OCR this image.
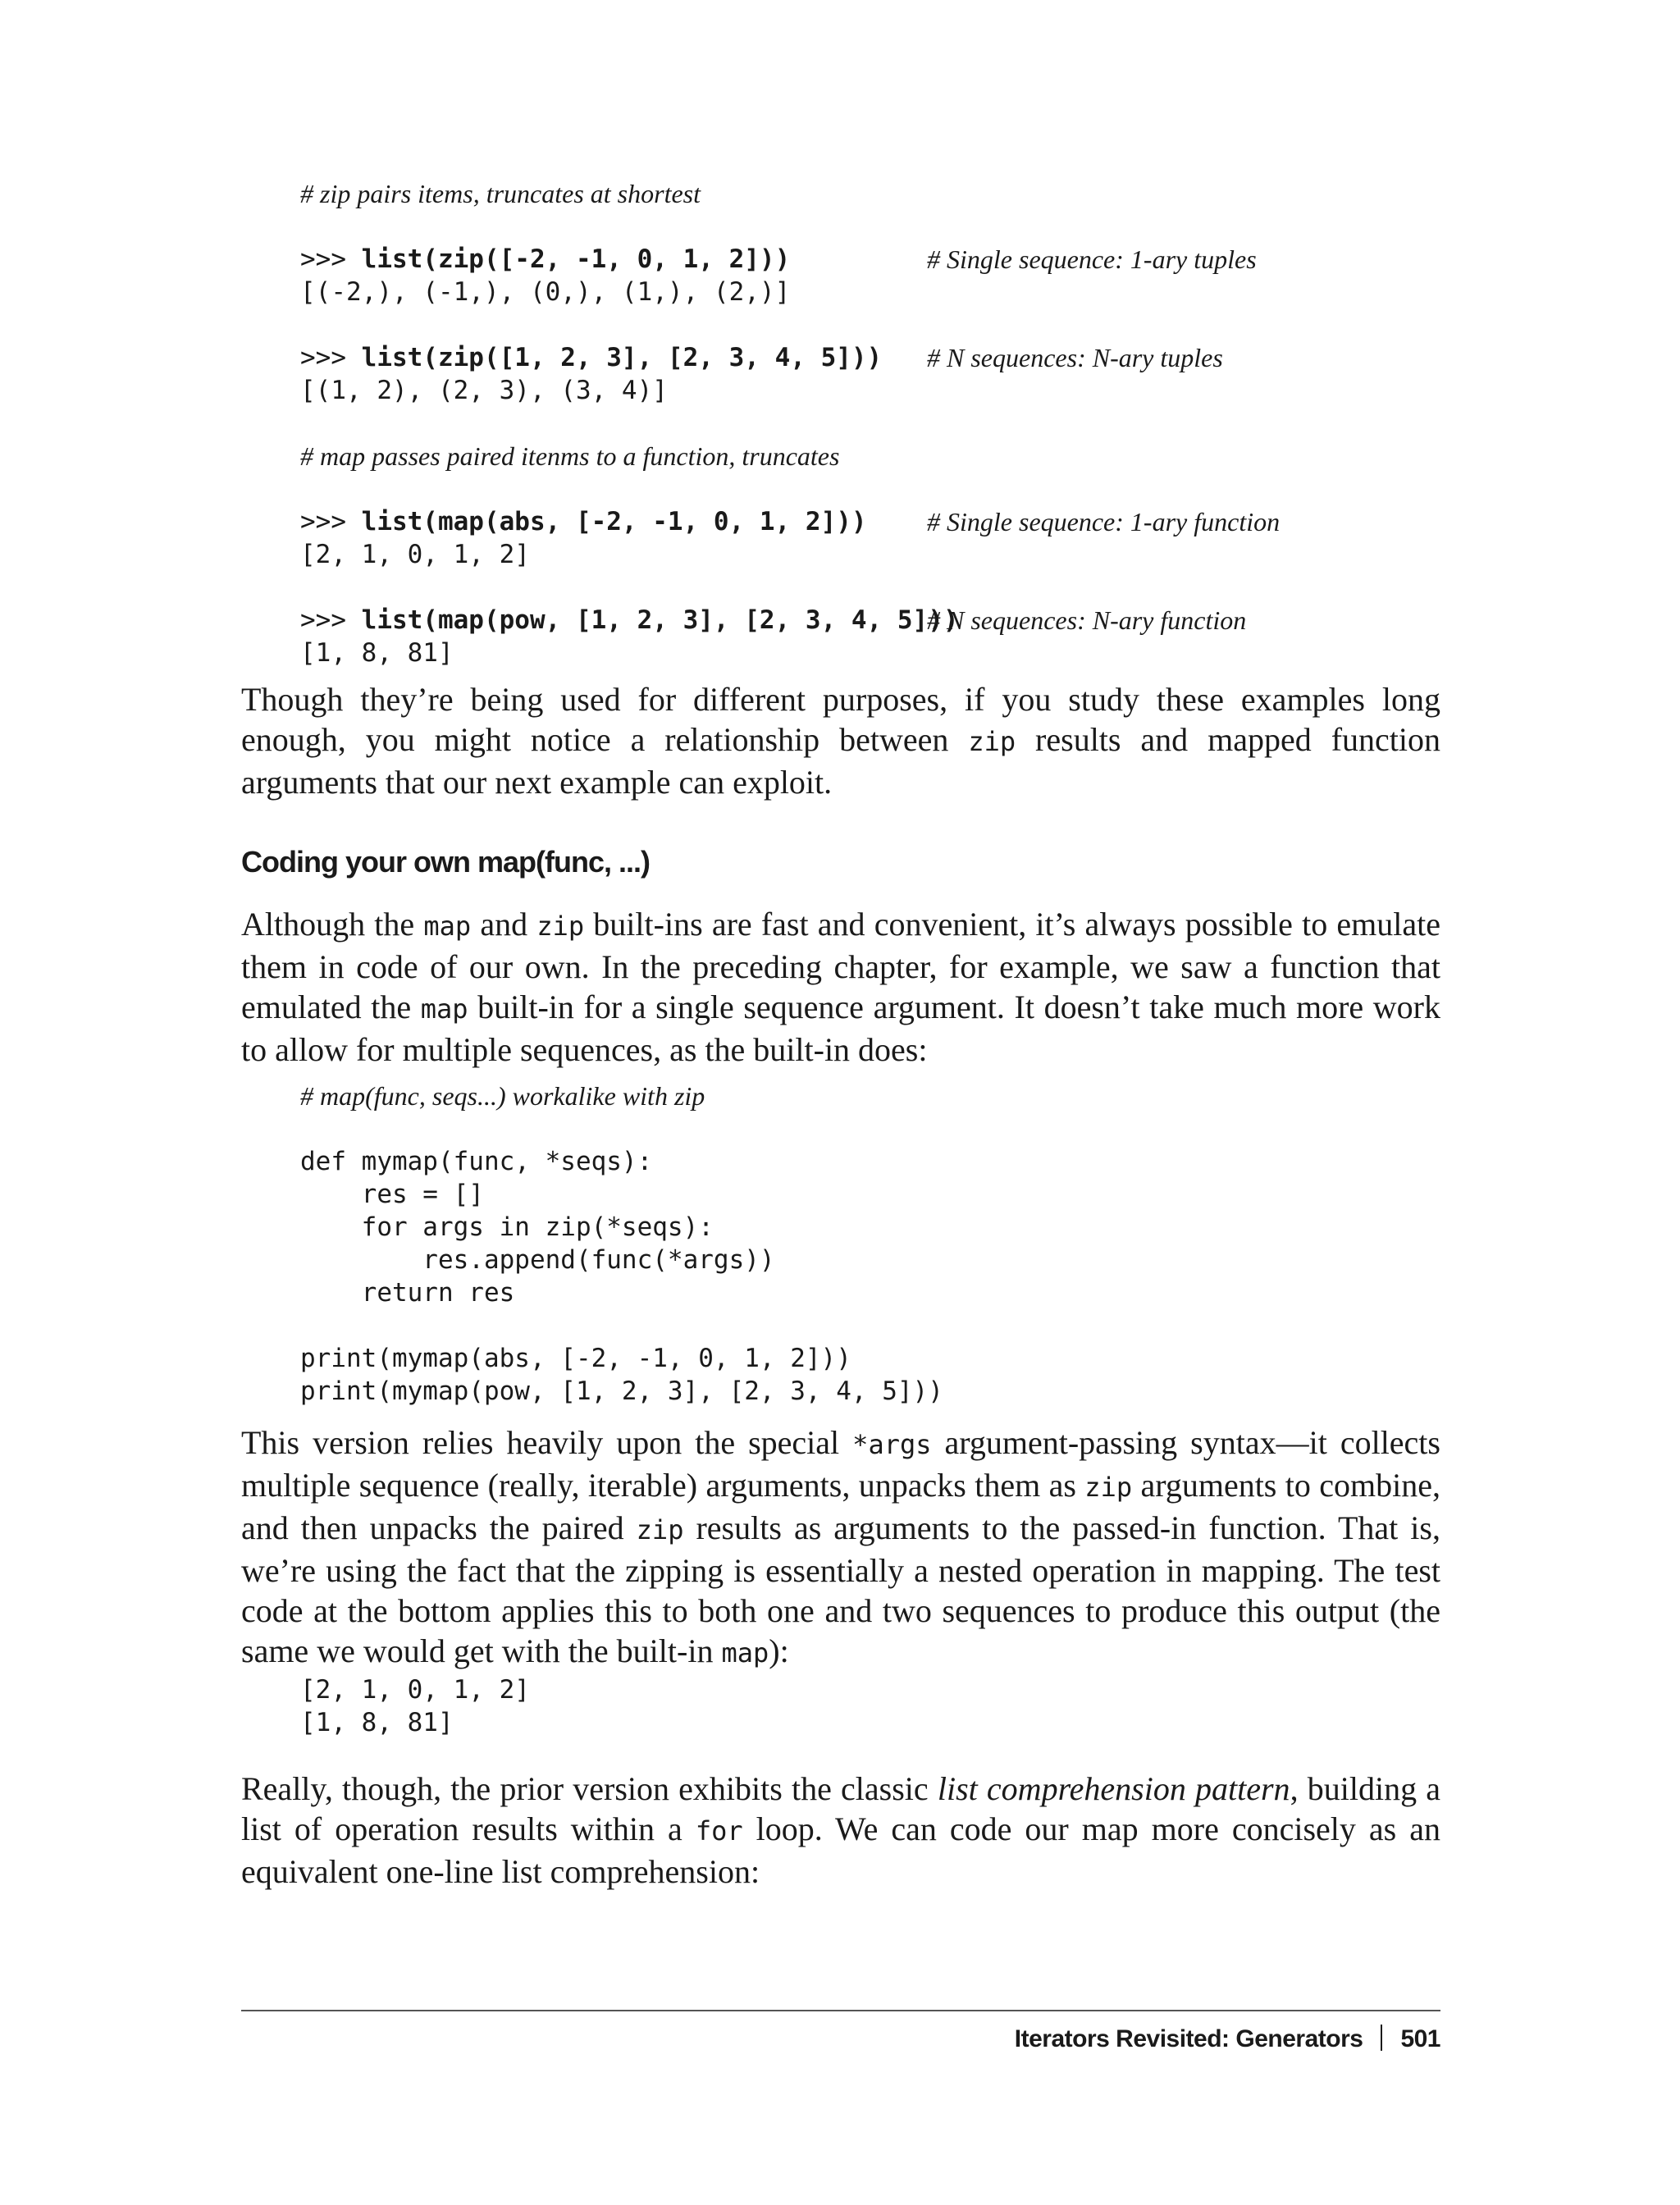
# zip pairs items, truncates at shortest
>>> list(zip([-2, -1, 0, 1, 2]))	# Single sequence: 1-ary tuples
[(-2,), (-1,), (0,), (1,), (2,)]
>>> list(zip([1, 2, 3], [2, 3, 4, 5])) # N sequences: N-ary tuples
[(1, 2), (2, 3), (3, 4)]
# map passes paired itenms to a function, truncates
>>> list(map(abs, [-2, -1, 0, 1, 2])) # Single sequence: 1-ary function
[2, 1, 0, 1, 2]
>>> list(map(pow, [1, 2, 3], [2, 3, 4, 5]))
# N sequences: N-ary function
[1, 8, 81]

Though they’re being used for different purposes, if you study these examples long enough, you might notice a relationship between zip results and mapped function arguments that our next example can exploit.

Coding your own map(func, ...)

Although the map and zip built-ins are fast and convenient, it’s always possible to emulate them in code of our own. In the preceding chapter, for example, we saw a function that emulated the map built-in for a single sequence argument. It doesn’t take much more work to allow for multiple sequences, as the built-in does:

# map(func, seqs...) workalike with zip
def mymap(func, *seqs):
res = []
for args in zip(*seqs):
res.append(func(*args))
return res
print(mymap(abs, [-2, -1, 0, 1, 2]))
print(mymap(pow, [1, 2, 3], [2, 3, 4, 5]))

This version relies heavily upon the special *args argument-passing syntax—it collects multiple sequence (really, iterable) arguments, unpacks them as zip arguments to combine, and then unpacks the paired zip results as arguments to the passed-in function. That is, we’re using the fact that the zipping is essentially a nested operation in mapping. The test code at the bottom applies this to both one and two sequences to produce this output (the same we would get with the built-in map):

[2, 1, 0, 1, 2]
[1, 8, 81]

Really, though, the prior version exhibits the classic list comprehension pattern, building a list of operation results within a for loop. We can code our map more concisely as an equivalent one-line list comprehension:

Iterators Revisited: Generators 501
